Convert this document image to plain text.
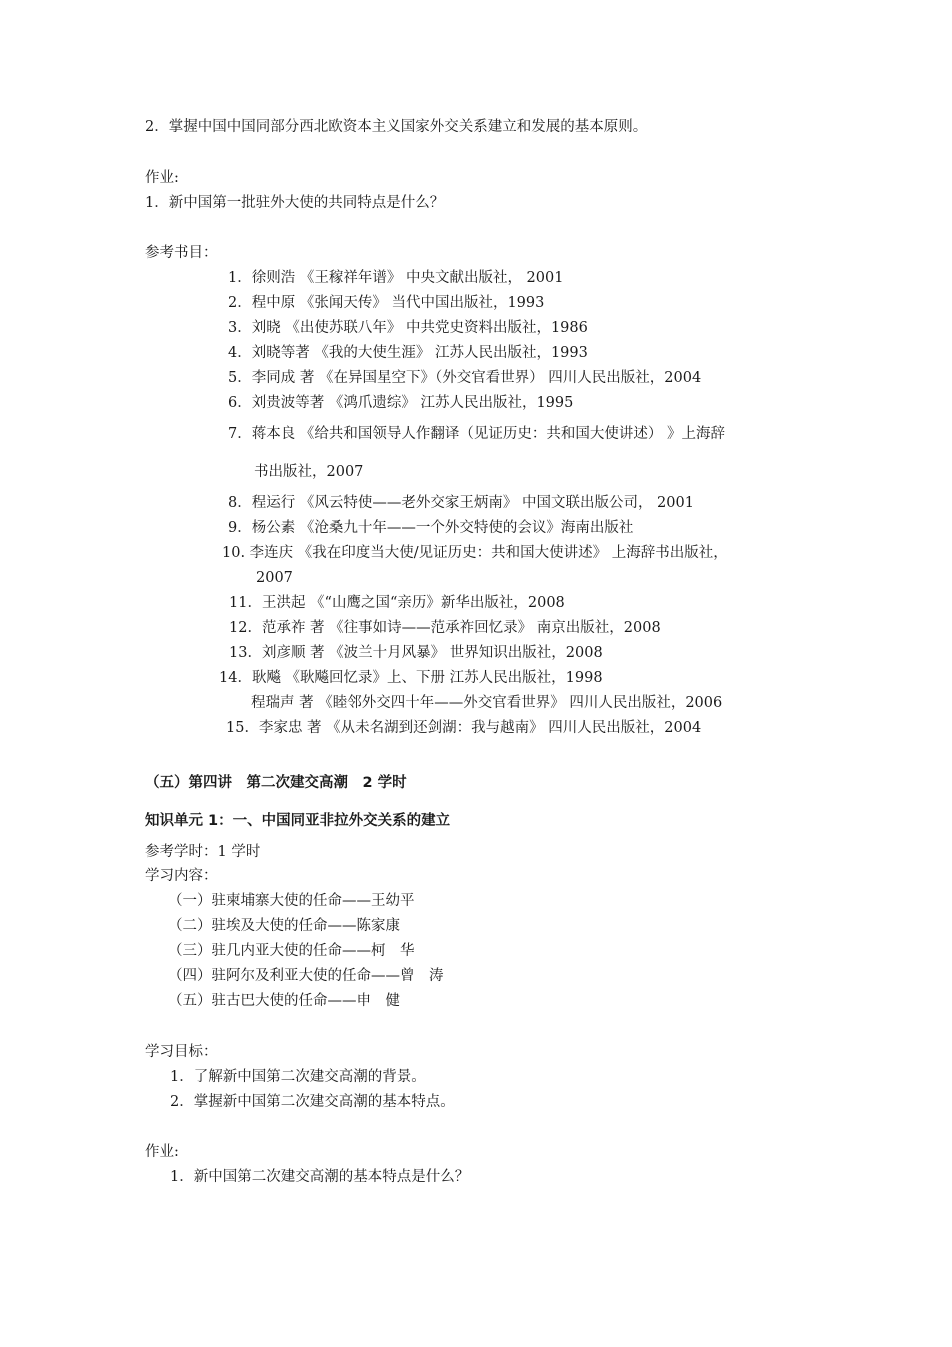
2．掌握中国中国同部分西北欧资本主义国家外交关系建立和发展的基本原则。
作业:
1．新中国第一批驻外大使的共同特点是什么？
参考书目：
1．徐则浩 《王稼祥年谱》 中央文献出版社， 2001
2．程中原 《张闻天传》 当代中国出版社，1993
3．刘晓 《出使苏联八年》 中共党史资料出版社，1986
4．刘晓等著 《我的大使生涯》 江苏人民出版社，1993
5．李同成 著 《在异国星空下》（外交官看世界） 四川人民出版社，2004
6．刘贵波等著 《鸿爪遗综》 江苏人民出版社，1995
7．蒋本良 《给共和国领导人作翻译（见证历史：共和国大使讲述） 》上海辞
书出版社，2007
8．程运行 《风云特使——老外交家王炳南》 中国文联出版公司， 2001
9．杨公素 《沧桑九十年——一个外交特使的会议》海南出版社
10. 李连庆 《我在印度当大使/见证历史：共和国大使讲述》 上海辞书出版社，
2007
11．王洪起 《“山鹰之国“亲历》新华出版社，2008
12．范承祚 著 《往事如诗——范承祚回忆录》 南京出版社，2008
13．刘彦顺 著 《波兰十月风暴》 世界知识出版社，2008
14．耿飚 《耿飚回忆录》上、下册 江苏人民出版社，1998
程瑞声 著 《睦邻外交四十年——外交官看世界》 四川人民出版社，2006
15．李家忠 著 《从未名湖到还剑湖：我与越南》 四川人民出版社，2004
（五）第四讲　第二次建交高潮　2 学时
知识单元 1：一、中国同亚非拉外交关系的建立
参考学时：1 学时
学习内容：
（一）驻柬埔寨大使的任命——王幼平
（二）驻埃及大使的任命——陈家康
（三）驻几内亚大使的任命——柯　华
（四）驻阿尔及利亚大使的任命——曾　涛
（五）驻古巴大使的任命——申　健
学习目标：
1．了解新中国第二次建交高潮的背景。
2．掌握新中国第二次建交高潮的基本特点。
作业:
1．新中国第二次建交高潮的基本特点是什么？
